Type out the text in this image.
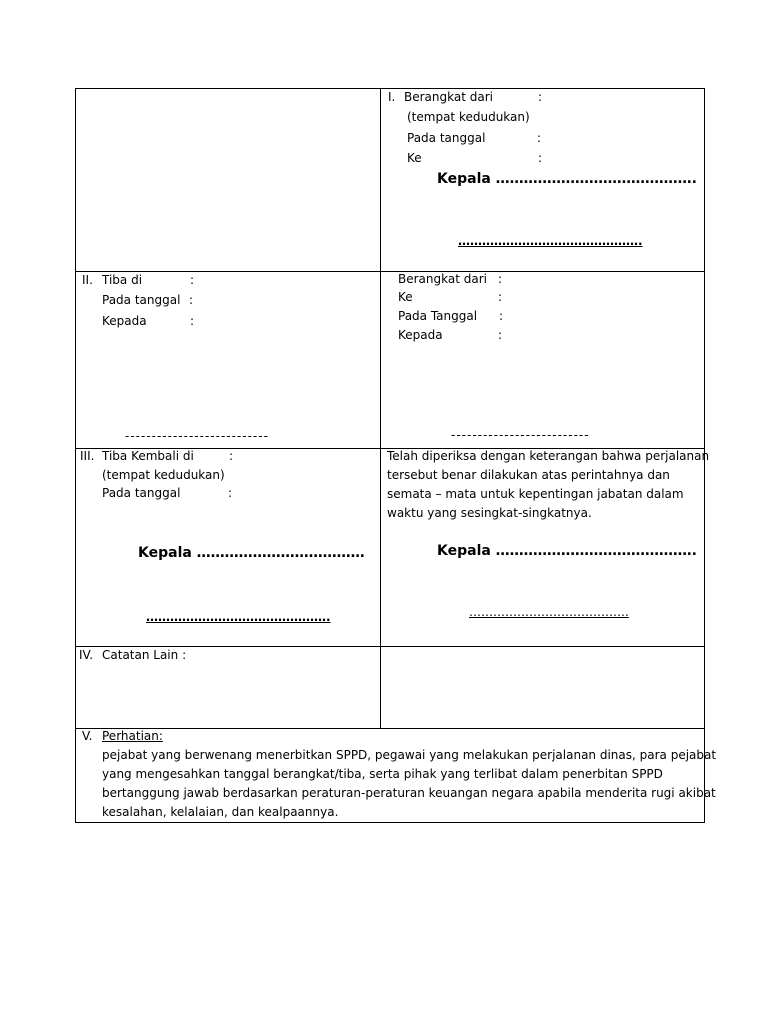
I. Berangkat dari	:
(tempat kedudukan)
Pada tanggal	:
Ke	:
Kepala …………………………………….
……………………………………….
II. Tiba di	:
Pada tanggal :
Kepada	:
---------------------------
Berangkat dari :
Ke	:
Pada Tanggal :
Kepada	:
--------------------------
III. Tiba Kembali di	:
(tempat kedudukan)
Pada tanggal	:
Kepala ………………………………
……………………………………….
Telah diperiksa dengan keterangan bahwa perjalanan
tersebut benar dilakukan atas perintahnya dan
semata – mata untuk kepentingan jabatan dalam
waktu yang sesingkat-singkatnya.
Kepala …………………………………….
………………………………….
IV. Catatan Lain :
V. Perhatian:
pejabat yang berwenang menerbitkan SPPD, pegawai yang melakukan perjalanan dinas, para pejabat
yang mengesahkan tanggal berangkat/tiba, serta pihak yang terlibat dalam penerbitan SPPD
bertanggung jawab berdasarkan peraturan-peraturan keuangan negara apabila menderita rugi akibat
kesalahan, kelalaian, dan kealpaannya.
